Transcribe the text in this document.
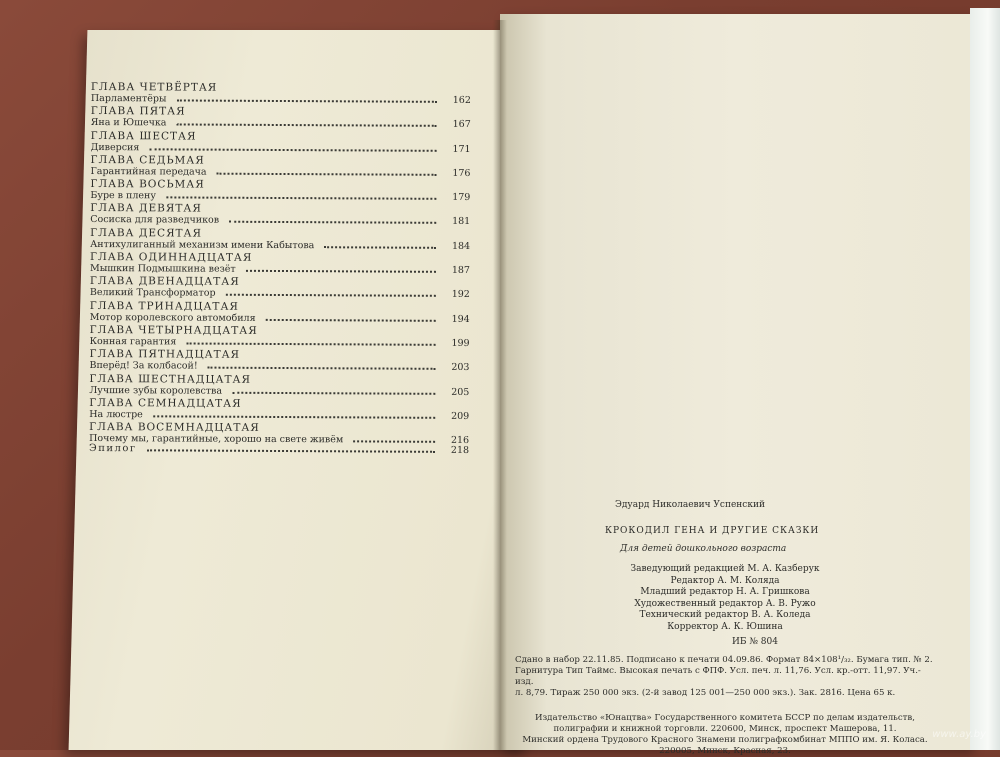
ГЛАВА ЧЕТВЁРТАЯ
Парламентёры	162
ГЛАВА ПЯТАЯ
Яна и Юшечка	167
ГЛАВА ШЕСТАЯ
Диверсия	171
ГЛАВА СЕДЬМАЯ
Гарантийная передача	176
ГЛАВА ВОСЬМАЯ
Буре в плену	179
ГЛАВА ДЕВЯТАЯ
Сосиска для разведчиков	181
ГЛАВА ДЕСЯТАЯ
Антихулиганный механизм имени Кабытова	184
ГЛАВА ОДИННАДЦАТАЯ
Мышкин Подмышкина везёт	187
ГЛАВА ДВЕНАДЦАТАЯ
Великий Трансформатор	192
ГЛАВА ТРИНАДЦАТАЯ
Мотор королевского автомобиля	194
ГЛАВА ЧЕТЫРНАДЦАТАЯ
Конная гарантия	199
ГЛАВА ПЯТНАДЦАТАЯ
Вперёд! За колбасой!	203
ГЛАВА ШЕСТНАДЦАТАЯ
Лучшие зубы королевства	205
ГЛАВА СЕМНАДЦАТАЯ
На люстре	209
ГЛАВА ВОСЕМНАДЦАТАЯ
Почему мы, гарантийные, хорошо на свете живём	216
Эпилог	218
Эдуард Николаевич Успенский
КРОКОДИЛ ГЕНА И ДРУГИЕ СКАЗКИ
Для детей дошкольного возраста
Заведующий редакцией М. А. Казберук
Редактор А. М. Коляда
Младший редактор Н. А. Гришкова
Художественный редактор А. В. Ружо
Технический редактор В. А. Коледа
Корректор А. К. Юшина
ИБ № 804
Сдано в набор 22.11.85. Подписано к печати 04.09.86. Формат 84×108¹/₃₂. Бумага тип. № 2.
Гарнитура Тип Таймс. Высокая печать с ФПФ. Усл. печ. л. 11,76. Усл. кр.-отт. 11,97. Уч.-изд.
л. 8,79. Тираж 250 000 экз. (2-й завод 125 001—250 000 экз.). Зак. 2816. Цена 65 к.
Издательство «Юнацтва» Государственного комитета БССР по делам издательств,
полиграфии и книжной торговли. 220600, Минск, проспект Машерова, 11.
Минский ордена Трудового Красного Знамени полиграфкомбинат МППО им. Я. Коласа.
220005, Минск, Красная, 23.
www.ay.by
